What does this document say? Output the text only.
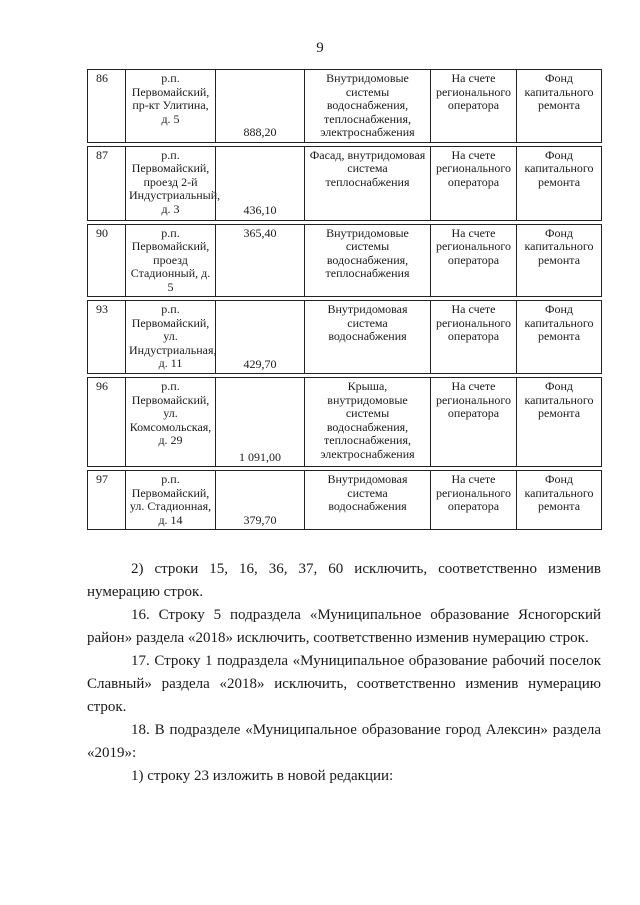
9
86	р.п. Первомайский, пр-кт Улитина, д. 5	888,20	Внутридомовые системы водоснабжения, теплоснабжения, электроснабжения	На счете регионального оператора	Фонд капитального ремонта
87	р.п. Первомайский, проезд 2-й Индустриальный, д. 3	436,10	Фасад, внутридомовая система теплоснабжения	На счете регионального оператора	Фонд капитального ремонта
90	р.п. Первомайский, проезд Стадионный, д. 5	365,40	Внутридомовые системы водоснабжения, теплоснабжения	На счете регионального оператора	Фонд капитального ремонта
93	р.п. Первомайский, ул. Индустриальная, д. 11	429,70	Внутридомовая система водоснабжения	На счете регионального оператора	Фонд капитального ремонта
96	р.п. Первомайский, ул. Комсомольская, д. 29	1 091,00	Крыша, внутридомовые системы водоснабжения, теплоснабжения, электроснабжения	На счете регионального оператора	Фонд капитального ремонта
97	р.п. Первомайский, ул. Стадионная, д. 14	379,70	Внутридомовая система водоснабжения	На счете регионального оператора	Фонд капитального ремонта

2) строки 15, 16, 36, 37, 60 исключить, соответственно изменив нумерацию строк.

16. Строку 5 подраздела «Муниципальное образование Ясногорский район» раздела «2018» исключить, соответственно изменив нумерацию строк.

17. Строку 1 подраздела «Муниципальное образование рабочий поселок Славный» раздела «2018» исключить, соответственно изменив нумерацию строк.

18. В подразделе «Муниципальное образование город Алексин» раздела «2019»:

1) строку 23 изложить в новой редакции:
